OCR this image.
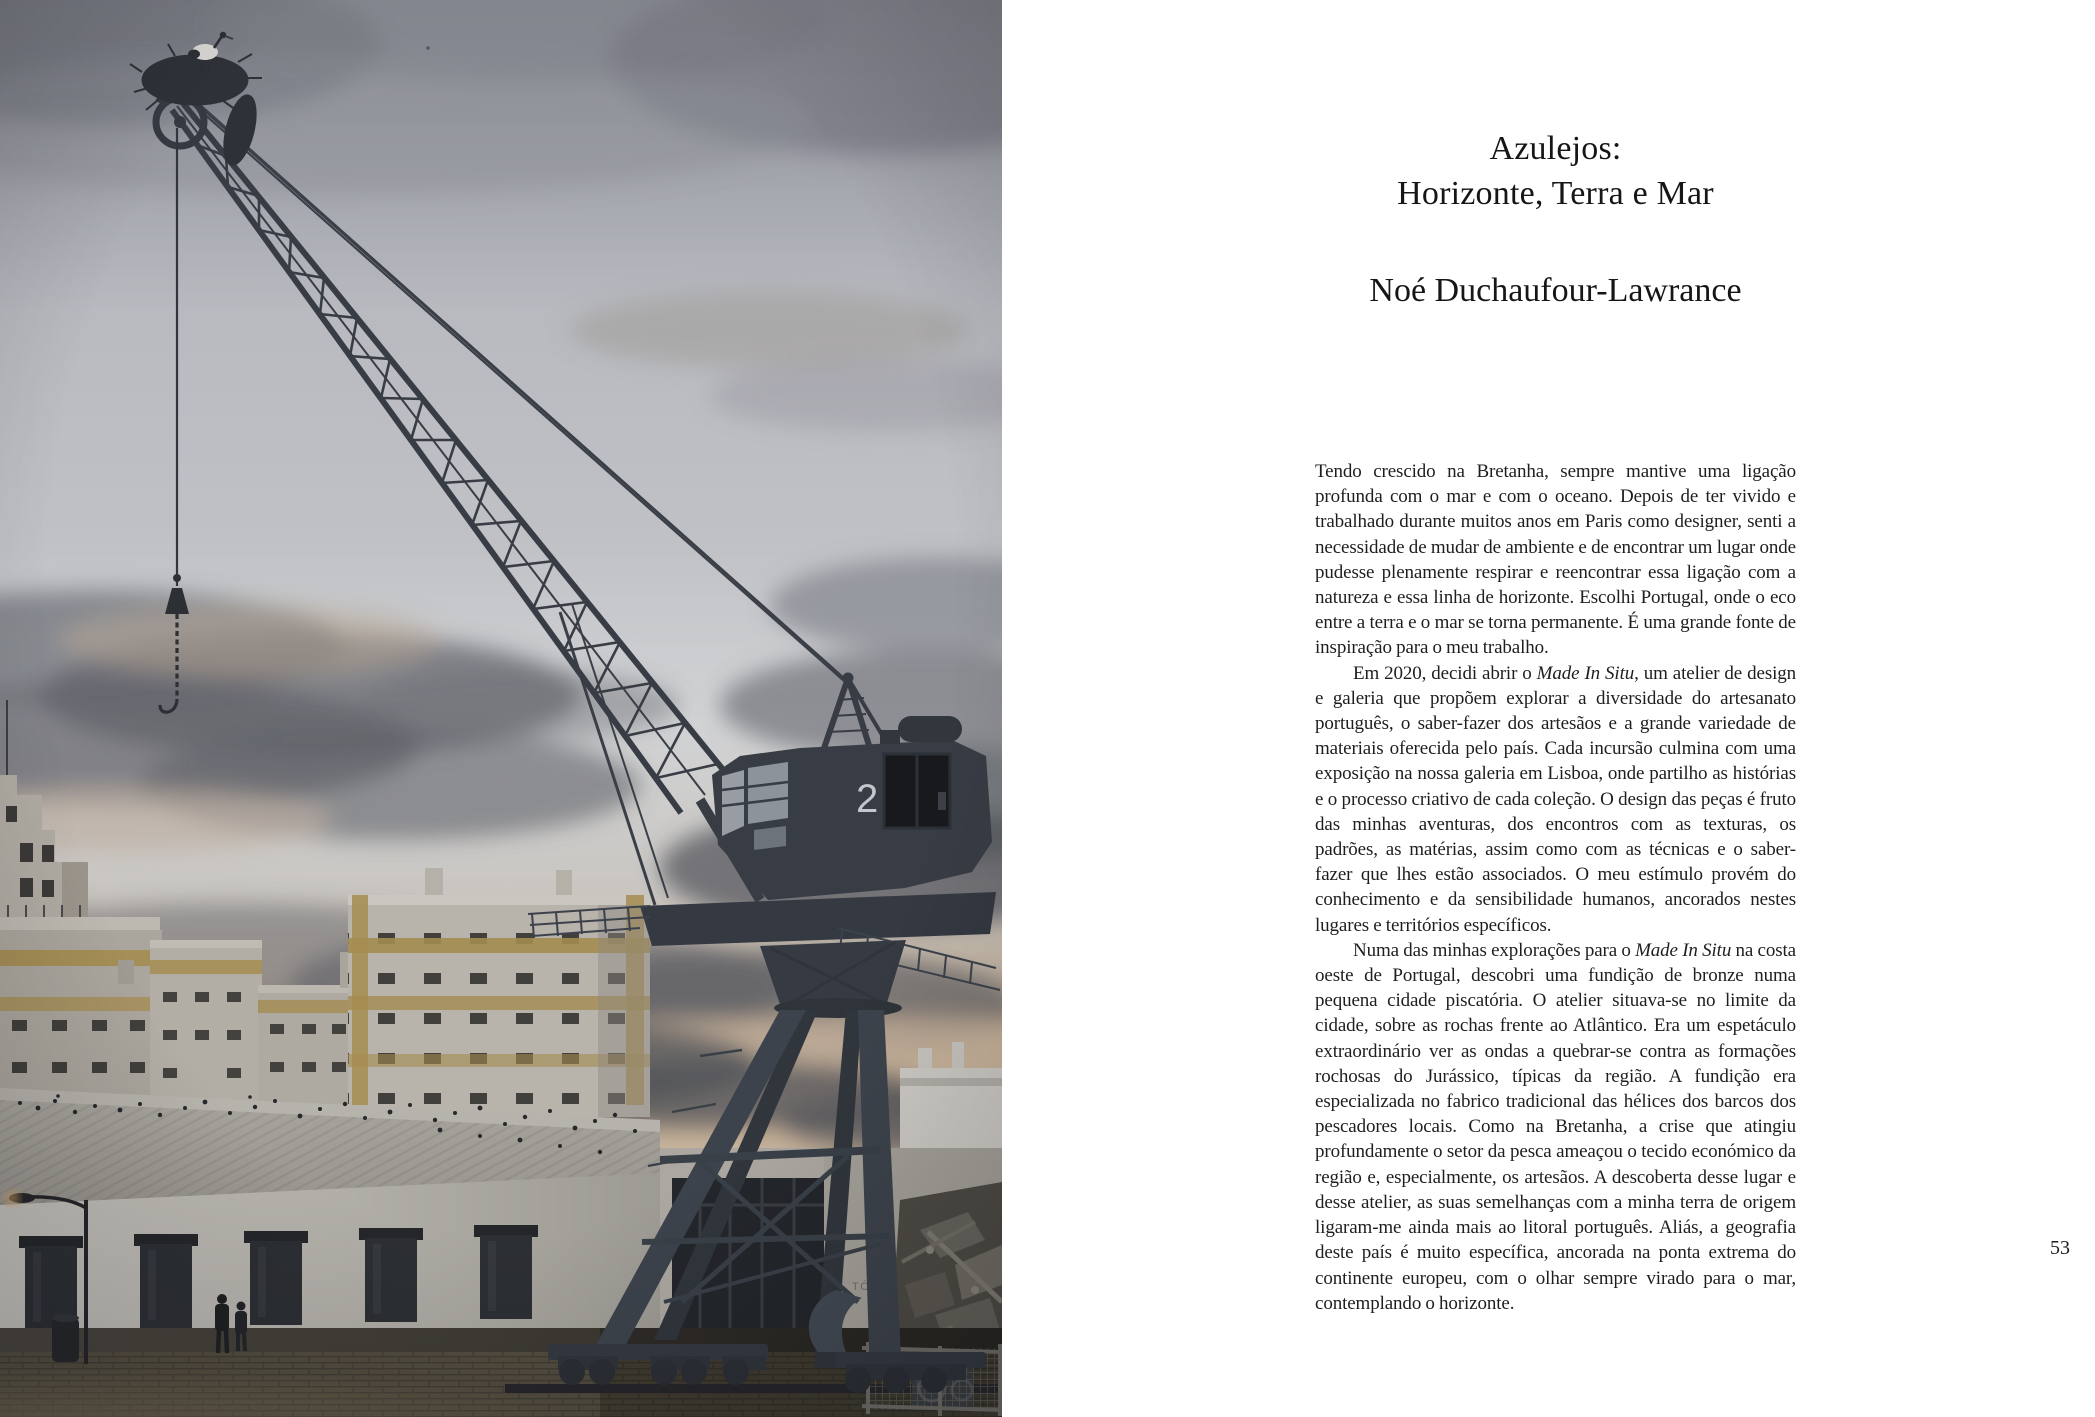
Azulejos:
Horizonte, Terra e Mar
Noé Duchaufour-Lawrance

Tendo crescido na Bretanha, sempre mantive uma ligação profunda com o mar e com o oceano. Depois de ter vivido e trabalhado durante muitos anos em Paris como designer, senti a necessidade de mudar de ambiente e de encontrar um lugar onde pudesse plenamente respirar e reencontrar essa ligação com a natureza e essa linha de horizonte. Escolhi Portugal, onde o eco entre a terra e o mar se torna permanente. É uma grande fonte de inspiração para o meu trabalho.

Em 2020, decidi abrir o Made In Situ, um atelier de design e galeria que propõem explorar a diversidade do artesanato português, o saber-fazer dos artesãos e a grande variedade de materiais oferecida pelo país. Cada incursão culmina com uma exposição na nossa galeria em Lisboa, onde partilho as histórias e o processo criativo de cada coleção. O design das peças é fruto das minhas aventuras, dos encontros com as texturas, os padrões, as matérias, assim como com as técnicas e o saber-fazer que lhes estão associados. O meu estímulo provém do conhecimento e da sensibilidade humanos, ancorados nestes lugares e territórios específicos.

Numa das minhas explorações para o Made In Situ na costa oeste de Portugal, descobri uma fundição de bronze numa pequena cidade piscatória. O atelier situava-se no limite da cidade, sobre as rochas frente ao Atlântico. Era um espetáculo extraordinário ver as ondas a quebrar-se contra as formações rochosas do Jurássico, típicas da região. A fundição era especializada no fabrico tradicional das hélices dos barcos dos pescadores locais. Como na Bretanha, a crise que atingiu profundamente o setor da pesca ameaçou o tecido económico da região e, especialmente, os artesãos. A descoberta desse lugar e desse atelier, as suas semelhanças com a minha terra de origem ligaram-me ainda mais ao litoral português. Aliás, a geografia deste país é muito específica, ancorada na ponta extrema do continente europeu, com o olhar sempre virado para o mar, contemplando o horizonte.

53
